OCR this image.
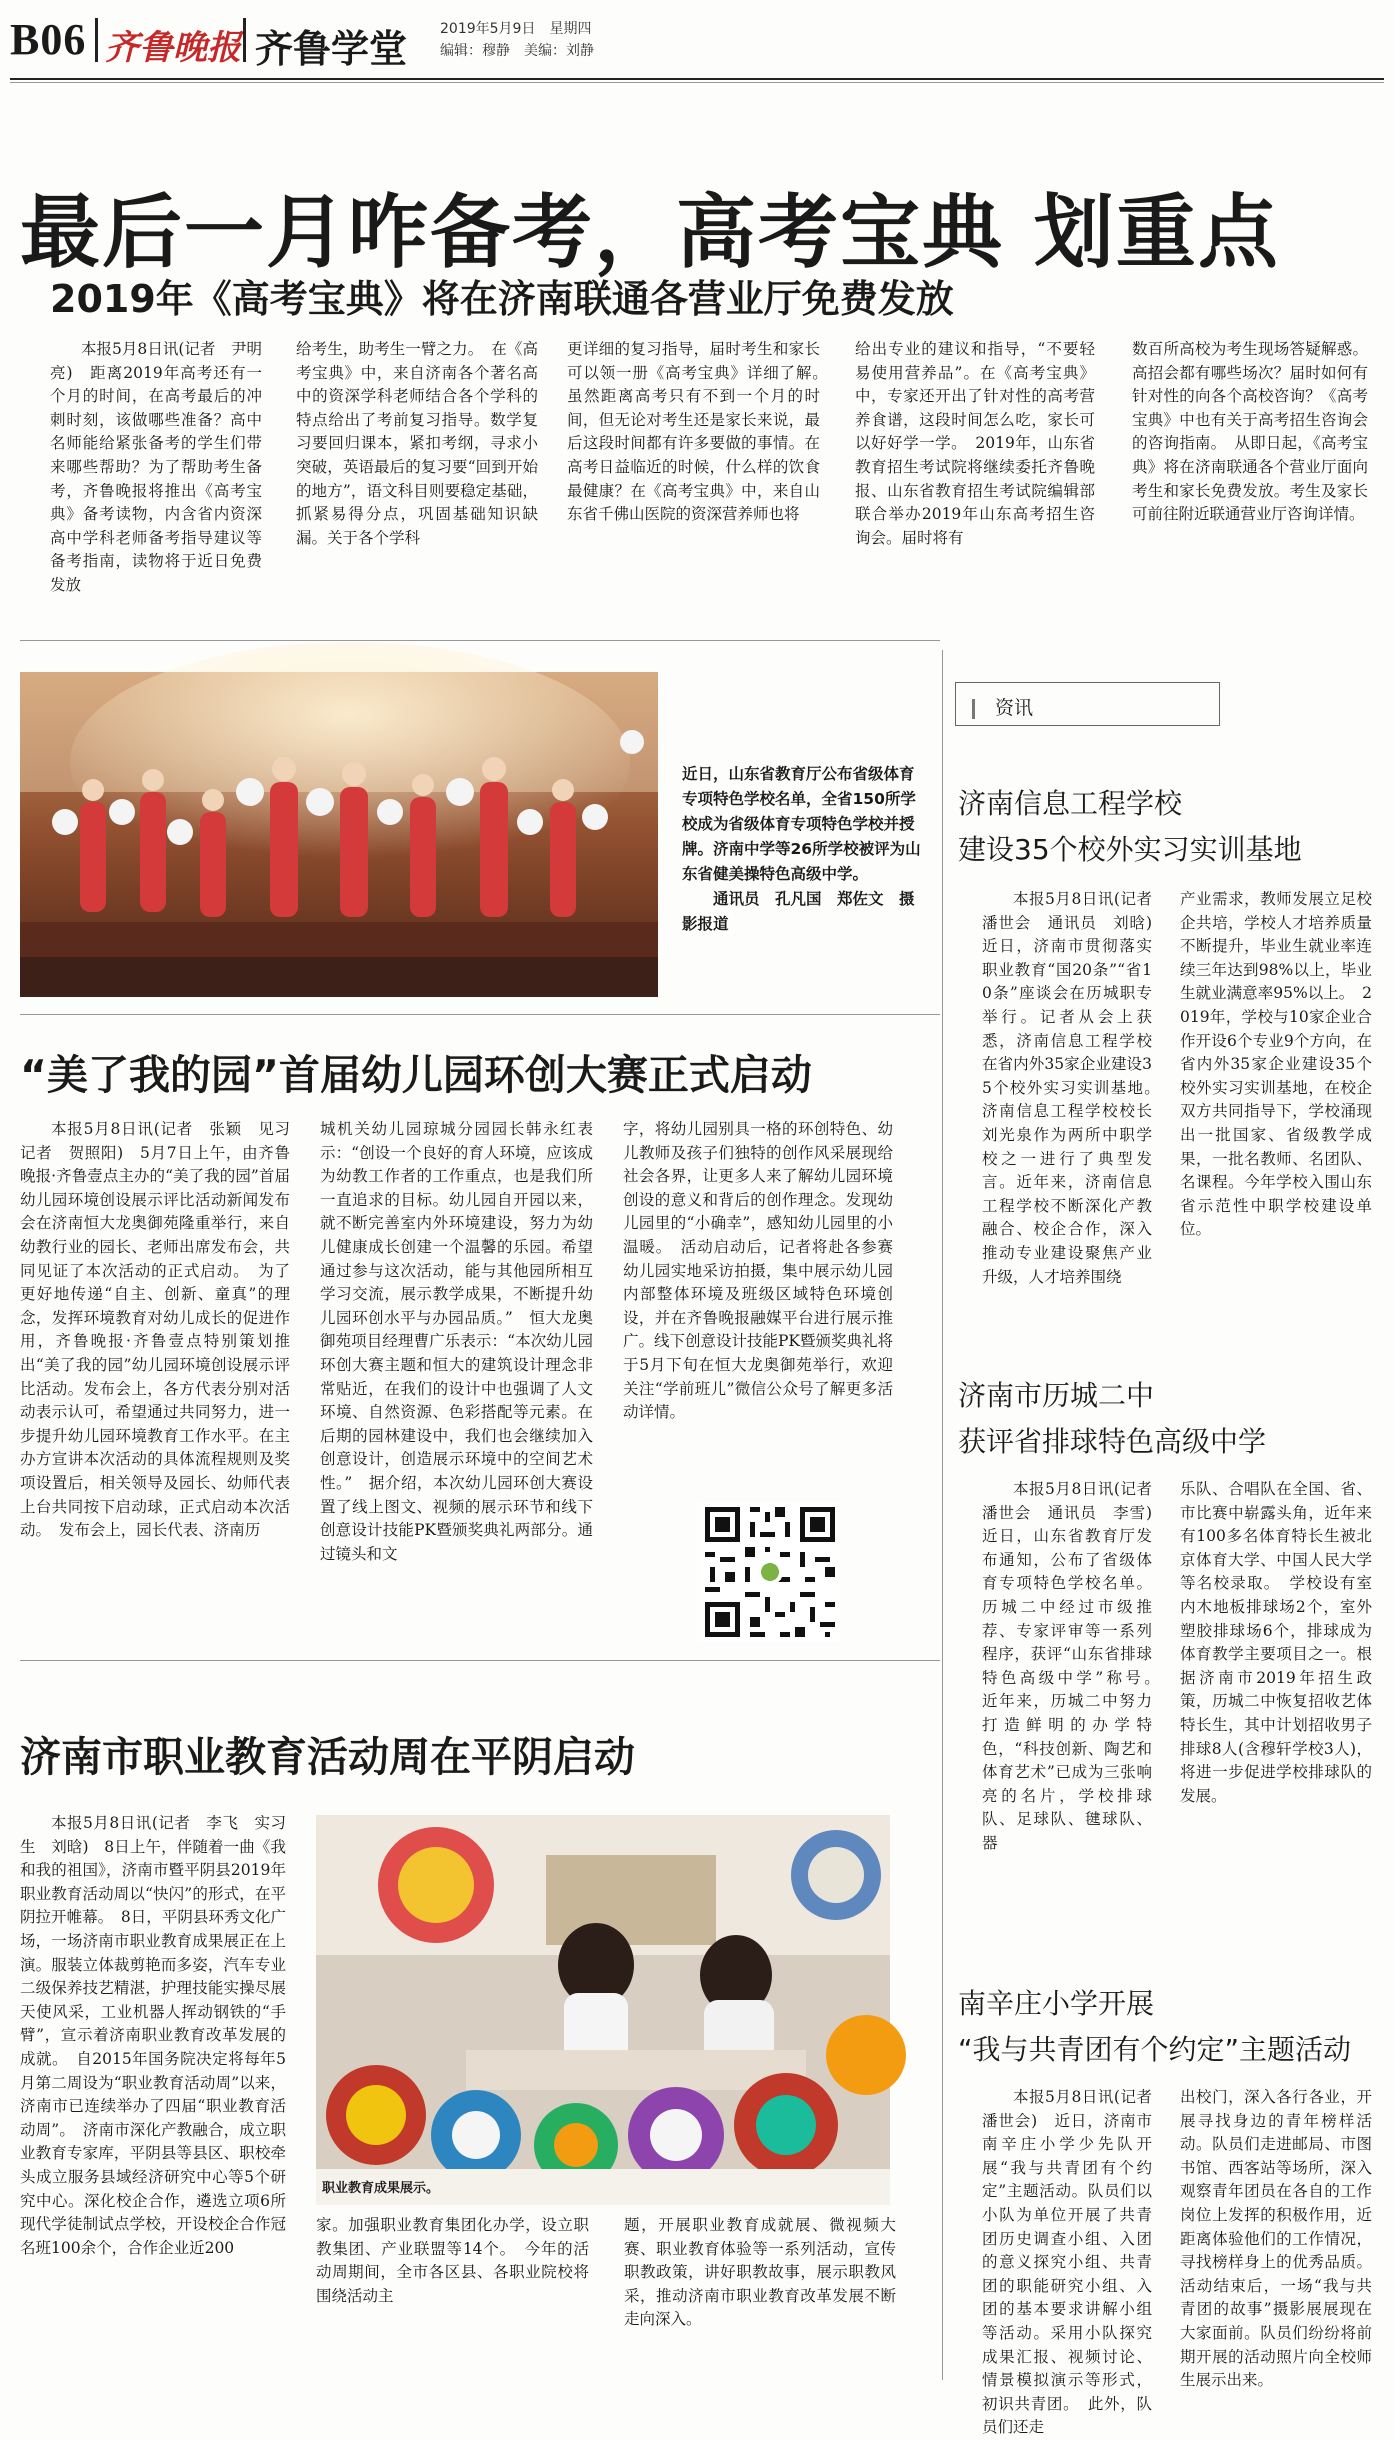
B06 齐鲁晚报 齐鲁学堂 2019年5月9日　星期四
编辑：穆静　美编：刘静
最后一月咋备考，高考宝典 划重点
2019年《高考宝典》将在济南联通各营业厅免费发放

本报5月8日讯(记者　尹明亮)　距离2019年高考还有一个月的时间，在高考最后的冲刺时刻，该做哪些准备？高中名师能给紧张备考的学生们带来哪些帮助？为了帮助考生备考，齐鲁晚报将推出《高考宝典》备考读物，内含省内资深高中学科老师备考指导建议等备考指南，读物将于近日免费发放

给考生，助考生一臂之力。　在《高考宝典》中，来自济南各个著名高中的资深学科老师结合各个学科的特点给出了考前复习指导。数学复习要回归课本，紧扣考纲，寻求小突破，英语最后的复习要“回到开始的地方”，语文科目则要稳定基础，抓紧易得分点，巩固基础知识缺漏。关于各个学科

更详细的复习指导，届时考生和家长可以领一册《高考宝典》详细了解。　虽然距离高考只有不到一个月的时间，但无论对考生还是家长来说，最后这段时间都有许多要做的事情。在高考日益临近的时候，什么样的饮食最健康？在《高考宝典》中，来自山东省千佛山医院的资深营养师也将

给出专业的建议和指导，“不要轻易使用营养品”。在《高考宝典》中，专家还开出了针对性的高考营养食谱，这段时间怎么吃，家长可以好好学一学。　2019年，山东省教育招生考试院将继续委托齐鲁晚报、山东省教育招生考试院编辑部联合举办2019年山东高考招生咨询会。届时将有

数百所高校为考生现场答疑解惑。高招会都有哪些场次？届时如何有针对性的向各个高校咨询？《高考宝典》中也有关于高考招生咨询会的咨询指南。　从即日起，《高考宝典》将在济南联通各个营业厅面向考生和家长免费发放。考生及家长可前往附近联通营业厅咨询详情。

近日，山东省教育厅公布省级体育专项特色学校名单，全省150所学校成为省级体育专项特色学校并授牌。济南中学等26所学校被评为山东省健美操特色高级中学。
通讯员　孔凡国　郑佐文　摄影报道
“美了我的园”首届幼儿园环创大赛正式启动

本报5月8日讯(记者　张颖　见习记者　贺照阳)　5月7日上午，由齐鲁晚报·齐鲁壹点主办的“美了我的园”首届幼儿园环境创设展示评比活动新闻发布会在济南恒大龙奥御苑隆重举行，来自幼教行业的园长、老师出席发布会，共同见证了本次活动的正式启动。　为了更好地传递“自主、创新、童真”的理念，发挥环境教育对幼儿成长的促进作用，齐鲁晚报·齐鲁壹点特别策划推出“美了我的园”幼儿园环境创设展示评比活动。发布会上，各方代表分别对活动表示认可，希望通过共同努力，进一步提升幼儿园环境教育工作水平。在主办方宣讲本次活动的具体流程规则及奖项设置后，相关领导及园长、幼师代表上台共同按下启动球，正式启动本次活动。　发布会上，园长代表、济南历

城机关幼儿园琼城分园园长韩永红表示：“创设一个良好的育人环境，应该成为幼教工作者的工作重点，也是我们所一直追求的目标。幼儿园自开园以来，就不断完善室内外环境建设，努力为幼儿健康成长创建一个温馨的乐园。希望通过参与这次活动，能与其他园所相互学习交流，展示教学成果，不断提升幼儿园环创水平与办园品质。”　恒大龙奥御苑项目经理曹广乐表示：“本次幼儿园环创大赛主题和恒大的建筑设计理念非常贴近，在我们的设计中也强调了人文环境、自然资源、色彩搭配等元素。在后期的园林建设中，我们也会继续加入创意设计，创造展示环境中的空间艺术性。”　据介绍，本次幼儿园环创大赛设置了线上图文、视频的展示环节和线下创意设计技能PK暨颁奖典礼两部分。通过镜头和文

字，将幼儿园别具一格的环创特色、幼儿教师及孩子们独特的创作风采展现给社会各界，让更多人来了解幼儿园环境创设的意义和背后的创作理念。发现幼儿园里的“小确幸”，感知幼儿园里的小温暖。　活动启动后，记者将赴各参赛幼儿园实地采访拍摄，集中展示幼儿园内部整体环境及班级区域特色环境创设，并在齐鲁晚报融媒平台进行展示推广。线下创意设计技能PK暨颁奖典礼将于5月下旬在恒大龙奥御苑举行，欢迎关注“学前班儿”微信公众号了解更多活动详情。

济南市职业教育活动周在平阴启动

本报5月8日讯(记者　李飞　实习生　刘晗)　8日上午，伴随着一曲《我和我的祖国》，济南市暨平阴县2019年职业教育活动周以“快闪”的形式，在平阴拉开帷幕。　8日，平阴县环秀文化广场，一场济南市职业教育成果展正在上演。服装立体裁剪艳而多姿，汽车专业二级保养技艺精湛，护理技能实操尽展天使风采，工业机器人挥动钢铁的“手臂”，宣示着济南职业教育改革发展的成就。　自2015年国务院决定将每年5月第二周设为“职业教育活动周”以来，济南市已连续举办了四届“职业教育活动周”。　济南市深化产教融合，成立职业教育专家库，平阴县等县区、职校牵头成立服务县域经济研究中心等5个研究中心。深化校企合作，遴选立项6所现代学徒制试点学校，开设校企合作冠名班100余个，合作企业近200

职业教育成果展示。

家。加强职业教育集团化办学，设立职教集团、产业联盟等14个。　今年的活动周期间，全市各区县、各职业院校将围绕活动主

题，开展职业教育成就展、微视频大赛、职业教育体验等一系列活动，宣传职教政策，讲好职教故事，展示职教风采，推动济南市职业教育改革发展不断走向深入。

资讯
济南信息工程学校
建设35个校外实习实训基地

本报5月8日讯(记者　潘世会　通讯员　刘晗)　近日，济南市贯彻落实职业教育“国20条”“省10条”座谈会在历城职专举行。记者从会上获悉，济南信息工程学校在省内外35家企业建设35个校外实习实训基地。　济南信息工程学校校长刘光泉作为两所中职学校之一进行了典型发言。近年来，济南信息工程学校不断深化产教融合、校企合作，深入推动专业建设聚焦产业升级，人才培养围绕

产业需求，教师发展立足校企共培，学校人才培养质量不断提升，毕业生就业率连续三年达到98%以上，毕业生就业满意率95%以上。　2019年，学校与10家企业合作开设6个专业9个方向，在省内外35家企业建设35个校外实习实训基地，在校企双方共同指导下，学校涌现出一批国家、省级教学成果，一批名教师、名团队、名课程。今年学校入围山东省示范性中职学校建设单位。

济南市历城二中
获评省排球特色高级中学

本报5月8日讯(记者　潘世会　通讯员　李雪)　近日，山东省教育厅发布通知，公布了省级体育专项特色学校名单。历城二中经过市级推荐、专家评审等一系列程序，获评“山东省排球特色高级中学”称号。　近年来，历城二中努力打造鲜明的办学特色，“科技创新、陶艺和体育艺术”已成为三张响亮的名片，学校排球队、足球队、毽球队、器

乐队、合唱队在全国、省、市比赛中崭露头角，近年来有100多名体育特长生被北京体育大学、中国人民大学等名校录取。　学校设有室内木地板排球场2个，室外塑胶排球场6个，排球成为体育教学主要项目之一。根据济南市2019年招生政策，历城二中恢复招收艺体特长生，其中计划招收男子排球8人(含穆轩学校3人)，将进一步促进学校排球队的发展。

南辛庄小学开展
“我与共青团有个约定”主题活动

本报5月8日讯(记者　潘世会)　近日，济南市南辛庄小学少先队开展“我与共青团有个约定”主题活动。队员们以小队为单位开展了共青团历史调查小组、入团的意义探究小组、共青团的职能研究小组、入团的基本要求讲解小组等活动。采用小队探究成果汇报、视频讨论、情景模拟演示等形式，初识共青团。　此外，队员们还走

出校门，深入各行各业，开展寻找身边的青年榜样活动。队员们走进邮局、市图书馆、西客站等场所，深入观察青年团员在各自的工作岗位上发挥的积极作用，近距离体验他们的工作情况，寻找榜样身上的优秀品质。活动结束后，一场“我与共青团的故事”摄影展展现在大家面前。队员们纷纷将前期开展的活动照片向全校师生展示出来。
